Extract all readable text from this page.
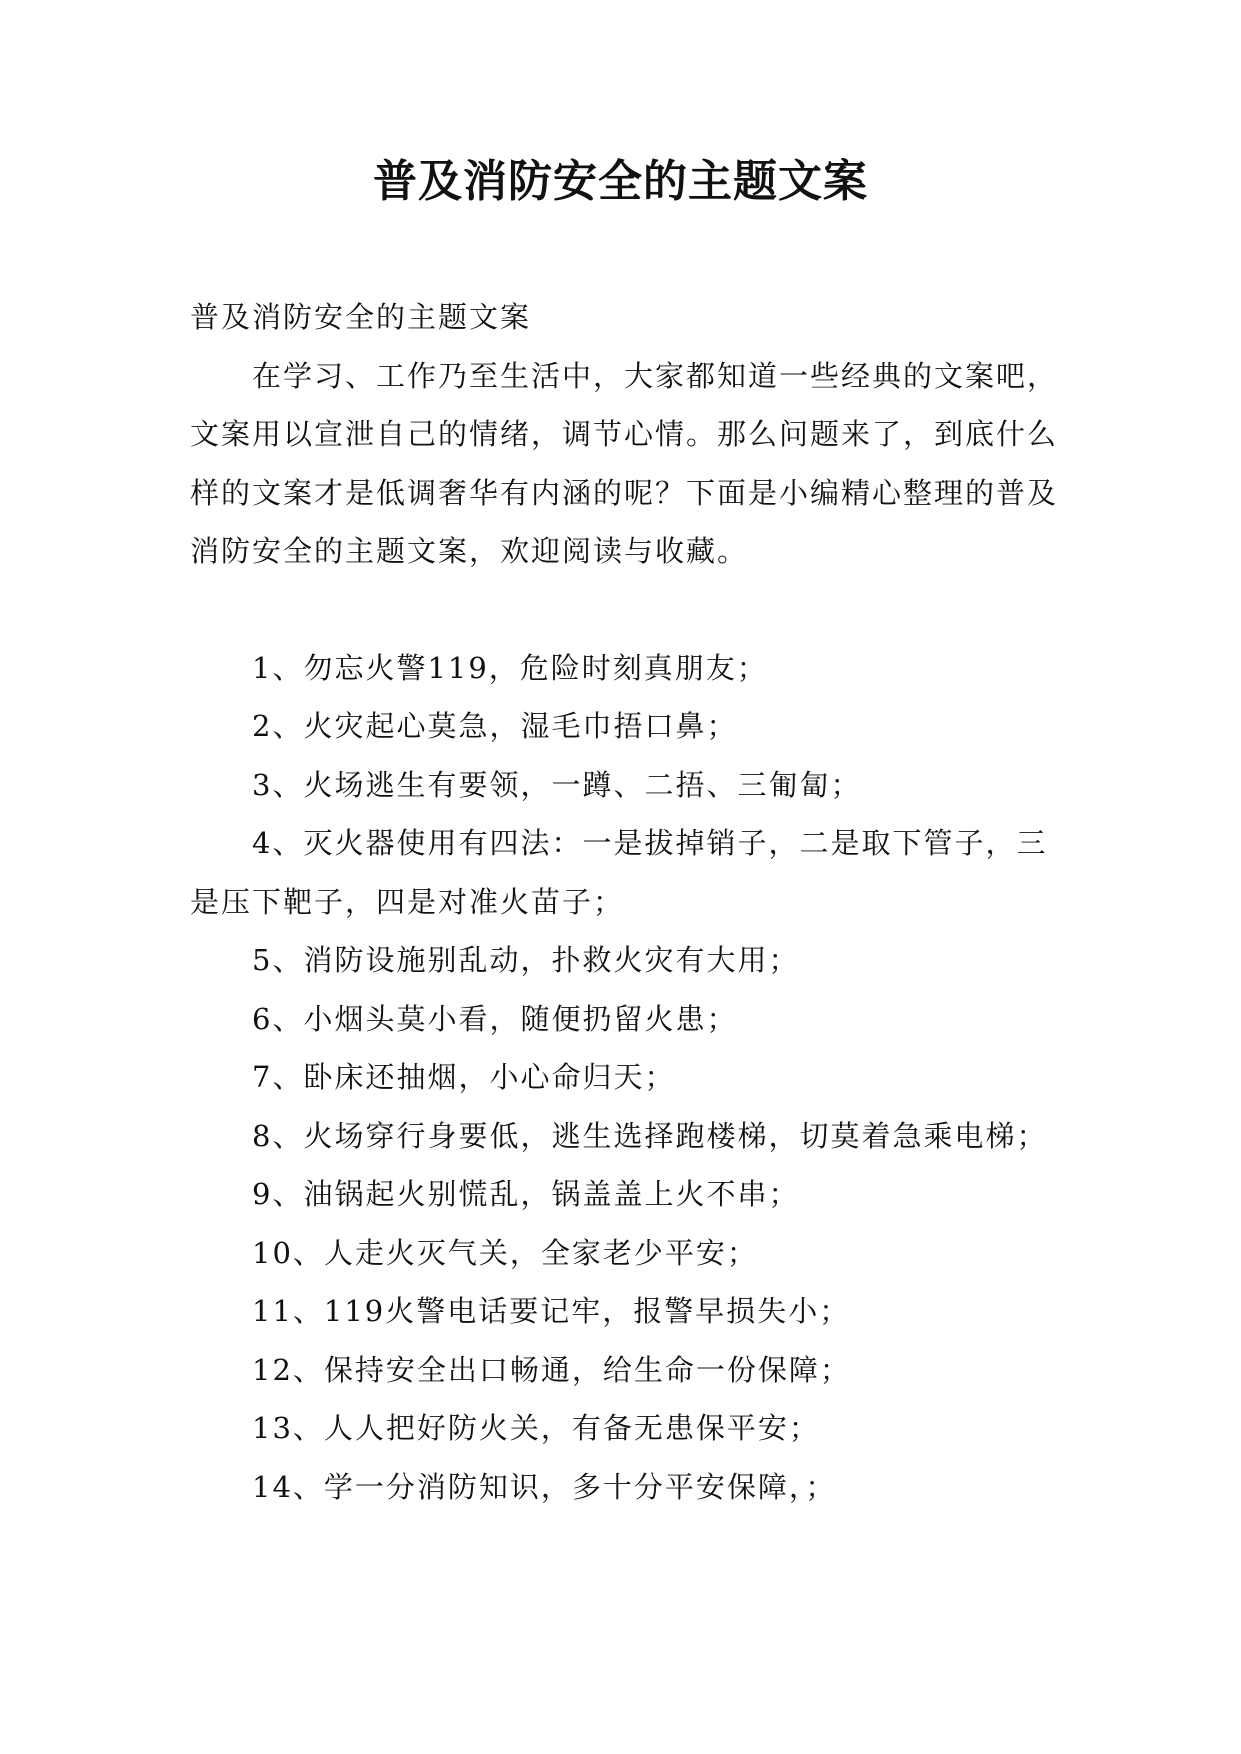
普及消防安全的主题文案

普及消防安全的主题文案

在学习、工作乃至生活中，大家都知道一些经典的文案吧，文案用以宣泄自己的情绪，调节心情。那么问题来了，到底什么样的文案才是低调奢华有内涵的呢？下面是小编精心整理的普及消防安全的主题文案，欢迎阅读与收藏。

1、勿忘火警119，危险时刻真朋友；

2、火灾起心莫急，湿毛巾捂口鼻；

3、火场逃生有要领，一蹲、二捂、三匍匐；

4、灭火器使用有四法：一是拔掉销子，二是取下管子，三是压下靶子，四是对准火苗子；

5、消防设施别乱动，扑救火灾有大用；

6、小烟头莫小看，随便扔留火患；

7、卧床还抽烟，小心命归天；

8、火场穿行身要低，逃生选择跑楼梯，切莫着急乘电梯；

9、油锅起火别慌乱，锅盖盖上火不串；

10、人走火灭气关，全家老少平安；

11、119火警电话要记牢，报警早损失小；

12、保持安全出口畅通，给生命一份保障；

13、人人把好防火关，有备无患保平安；

14、学一分消防知识，多十分平安保障，；
